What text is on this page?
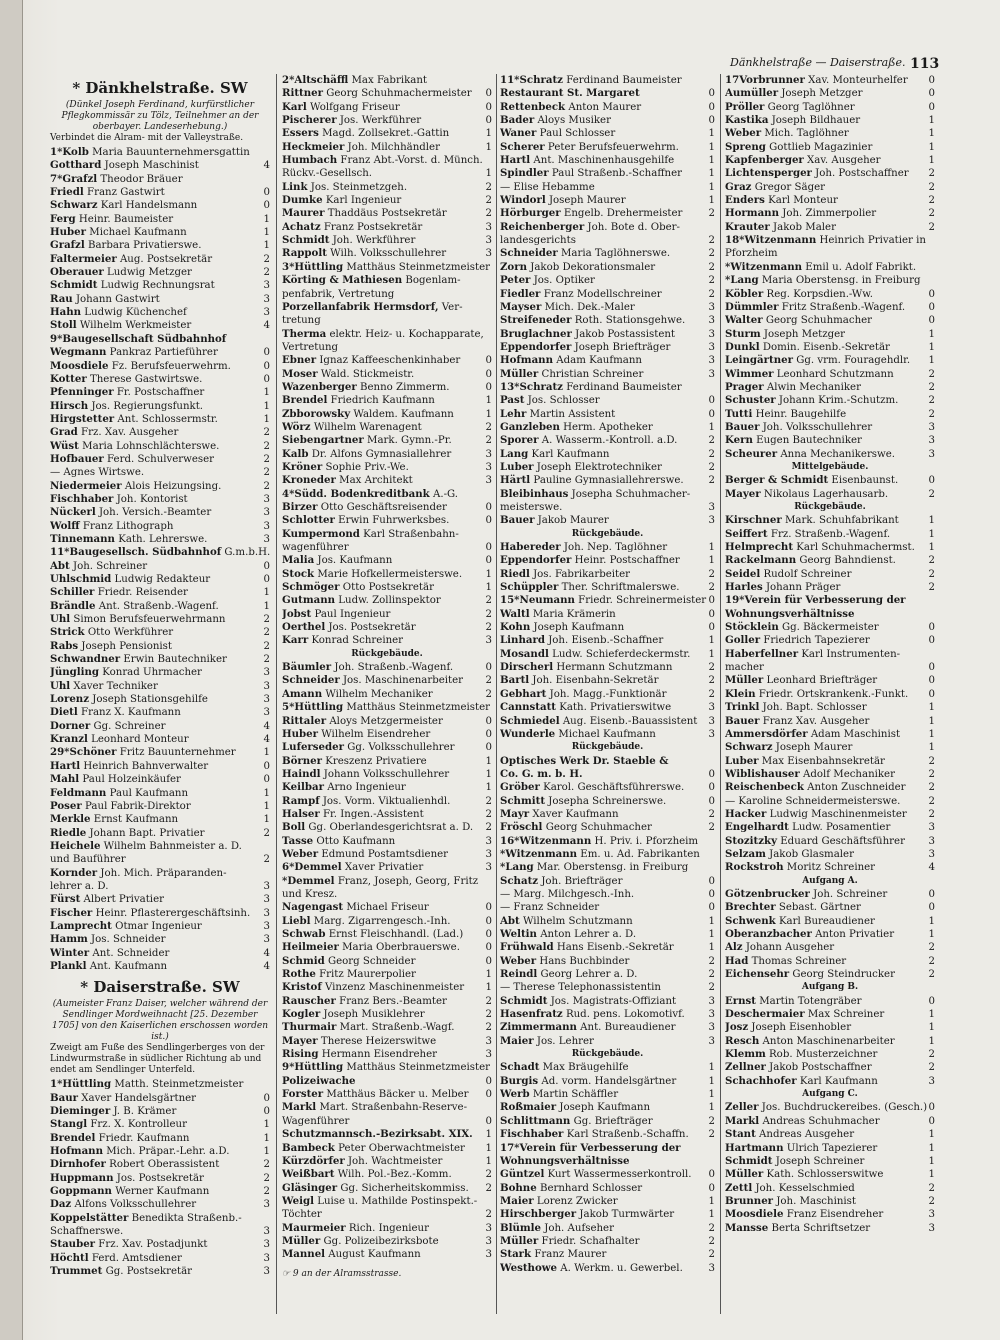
Dänkhelstraße — Daiserstraße. 113
* Dänkhelstraße. SW
(Dünkel Joseph Ferdinand, kurfürstlicher Pflegkommissär zu Tölz, Teilnehmer an der oberbayer. Landeserhebung.)
Verbindet die Alram- mit der Valleystraße.
1*Kolb Maria Bauunternehmersgattin
4
Gotthard Joseph Maschinist
7*Grafzl Theodor Bräuer
0
Friedl Franz Gastwirt
0
Schwarz Karl Handelsmann
1
Ferg Heinr. Baumeister
1
Huber Michael Kaufmann
1
Grafzl Barbara Privatierswe.
2
Faltermeier Aug. Postsekretär
2
Oberauer Ludwig Metzger
3
Schmidt Ludwig Rechnungsrat
3
Rau Johann Gastwirt
3
Hahn Ludwig Küchenchef
4
Stoll Wilhelm Werkmeister
9*Baugesellschaft Südbahnhof
0
Wegmann Pankraz Partieführer
0
Moosdiele Fz. Berufsfeuerwehrm.
0
Kotter Therese Gastwirtswe.
1
Pfenninger Fr. Postschaffner
1
Hirsch Jos. Regierungsfunkt.
1
Hirgstetter Ant. Schlossermstr.
2
Grad Frz. Xav. Ausgeher
2
Wüst Maria Lohnschlächterswe.
2
Hofbauer Ferd. Schulverweser
2
— Agnes Wirtswe.
2
Niedermeier Alois Heizungsing.
3
Fischhaber Joh. Kontorist
3
Nückerl Joh. Versich.-Beamter
3
Wolff Franz Lithograph
3
Tinnemann Kath. Lehrerswe.
11*Baugesellsch. Südbahnhof G.m.b.H.
0
Abt Joh. Schreiner
0
Uhlschmid Ludwig Redakteur
1
Schiller Friedr. Reisender
1
Brändle Ant. Straßenb.-Wagenf.
2
Uhl Simon Berufsfeuerwehrmann
2
Strick Otto Werkführer
2
Rabs Joseph Pensionist
2
Schwandner Erwin Bautechniker
3
Jüngling Konrad Uhrmacher
3
Uhl Xaver Techniker
3
Lorenz Joseph Stationsgehilfe
3
Dietl Franz X. Kaufmann
4
Dorner Gg. Schreiner
4
Kranzl Leonhard Monteur
1
29*Schöner Fritz Bauunternehmer
0
Hartl Heinrich Bahnverwalter
0
Mahl Paul Holzeinkäufer
1
Feldmann Paul Kaufmann
1
Poser Paul Fabrik-Direktor
1
Merkle Ernst Kaufmann
2
Riedle Johann Bapt. Privatier
Heichele Wilhelm Bahnmeister a. D.
2
und Bauführer
Kornder Joh. Mich. Präparanden-
3
lehrer a. D.
3
Fürst Albert Privatier
3
Fischer Heinr. Pflasterergeschäftsinh.
3
Lamprecht Otmar Ingenieur
3
Hamm Jos. Schneider
4
Winter Ant. Schneider
4
Plankl Ant. Kaufmann
* Daiserstraße. SW
(Aumeister Franz Daiser, welcher während der Sendlinger Mordweihnacht [25. Dezember 1705] von den Kaiserlichen erschossen worden ist.)
Zweigt am Fuße des Sendlingerberges von der Lindwurmstraße in südlicher Richtung ab und endet am Sendlinger Unterfeld.
1*Hüttling Matth. Steinmetzmeister
0
Baur Xaver Handelsgärtner
0
Dieminger J. B. Krämer
1
Stangl Frz. X. Kontrolleur
1
Brendel Friedr. Kaufmann
1
Hofmann Mich. Präpar.-Lehr. a.D.
2
Dirnhofer Robert Oberassistent
2
Huppmann Jos. Postsekretär
2
Goppmann Werner Kaufmann
3
Daz Alfons Volksschullehrer
Koppelstätter Benedikta Straßenb.-
3
Schaffnerswe.
3
Stauber Frz. Xav. Postadjunkt
3
Höchtl Ferd. Amtsdiener
3
Trummet Gg. Postsekretär
2*Altschäffl Max Fabrikant
0
Rittner Georg Schuhmachermeister
0
Karl Wolfgang Friseur
0
Pischerer Jos. Werkführer
1
Essers Magd. Zollsekret.-Gattin
1
Heckmeier Joh. Milchhändler
Humbach Franz Abt.-Vorst. d. Münch.
1
Rückv.-Gesellsch.
2
Link Jos. Steinmetzgeh.
2
Dumke Karl Ingenieur
2
Maurer Thaddäus Postsekretär
3
Achatz Franz Postsekretär
3
Schmidt Joh. Werkführer
3
Rappolt Wilh. Volksschullehrer
3*Hüttling Matthäus Steinmetzmeister
Körting & Mathiesen Bogenlam-
penfabrik, Vertretung
Porzellanfabrik Hermsdorf, Ver-
tretung
Therma elektr. Heiz- u. Kochapparate,
Vertretung
0
Ebner Ignaz Kaffeeschenkinhaber
0
Moser Wald. Stickmeistr.
0
Wazenberger Benno Zimmerm.
1
Brendel Friedrich Kaufmann
1
Zbborowsky Waldem. Kaufmann
2
Wörz Wilhelm Warenagent
2
Siebengartner Mark. Gymn.-Pr.
3
Kalb Dr. Alfons Gymnasiallehrer
3
Kröner Sophie Priv.-We.
3
Kroneder Max Architekt
4*Südd. Bodenkreditbank A.-G.
0
Birzer Otto Geschäftsreisender
0
Schlotter Erwin Fuhrwerksbes.
Kumpermond Karl Straßenbahn-
0
wagenführer
0
Malia Jos. Kaufmann
1
Stock Marie Hofkellermeisterswe.
1
Schmöger Otto Postsekretär
2
Gutmann Ludw. Zollinspektor
2
Jobst Paul Ingenieur
2
Oerthel Jos. Postsekretär
3
Karr Konrad Schreiner
Rückgebäude.
0
Bäumler Joh. Straßenb.-Wagenf.
2
Schneider Jos. Maschinenarbeiter
2
Amann Wilhelm Mechaniker
5*Hüttling Matthäus Steinmetzmeister
0
Rittaler Aloys Metzgermeister
0
Huber Wilhelm Eisendreher
0
Luferseder Gg. Volksschullehrer
1
Börner Kreszenz Privatiere
1
Haindl Johann Volksschullehrer
1
Keilbar Arno Ingenieur
2
Rampf Jos. Vorm. Viktualienhdl.
2
Halser Fr. Ingen.-Assistent
2
Boll Gg. Oberlandesgerichtsrat a. D.
3
Tasse Otto Kaufmann
3
Weber Edmund Postamtsdiener
3
6*Demmel Xaver Privatier
*Demmel Franz, Joseph, Georg, Fritz
und Kresz.
0
Nagengast Michael Friseur
0
Liebl Marg. Zigarrengesch.-Inh.
0
Schwab Ernst Fleischhandl. (Lad.)
0
Heilmeier Maria Oberbrauerswe.
0
Schmid Georg Schneider
1
Rothe Fritz Maurerpolier
1
Kristof Vinzenz Maschinenmeister
2
Rauscher Franz Bers.-Beamter
2
Kogler Joseph Musiklehrer
2
Thurmair Mart. Straßenb.-Wagf.
3
Mayer Therese Heizerswitwe
3
Rising Hermann Eisendreher
9*Hüttling Matthäus Steinmetzmeister
0
Polizeiwache
0
Forster Matthäus Bäcker u. Melber
Markl Mart. Straßenbahn-Reserve-
0
Wagenführer
1
Schutzmannsch.-Bezirksabt. XIX.
1
Bambeck Peter Oberwachtmeister
1
Kürzdörfer Joh. Wachtmeister
2
Weißbart Wilh. Pol.-Bez.-Komm.
2
Gläsinger Gg. Sicherheitskommiss.
Weigl Luise u. Mathilde Postinspekt.-
2
Töchter
3
Maurmeier Rich. Ingenieur
3
Müller Gg. Polizeibezirksbote
3
Mannel August Kaufmann
☞ 9 an der Alramsstrasse.
11*Schratz Ferdinand Baumeister
0
Restaurant St. Margaret
0
Rettenbeck Anton Maurer
0
Bader Aloys Musiker
1
Waner Paul Schlosser
1
Scherer Peter Berufsfeuerwehrm.
1
Hartl Ant. Maschinenhausgehilfe
1
Spindler Paul Straßenb.-Schaffner
1
— Elise Hebamme
1
Windorl Joseph Maurer
2
Hörburger Engelb. Drehermeister
Reichenberger Joh. Bote d. Ober-
2
landesgerichts
2
Schneider Maria Taglöhnerswe.
2
Zorn Jakob Dekorationsmaler
2
Peter Jos. Optiker
2
Fiedler Franz Modellschreiner
3
Mayser Mich. Dek.-Maler
3
Streifeneder Roth. Stationsgehwe.
3
Bruglachner Jakob Postassistent
3
Eppendorfer Joseph Briefträger
3
Hofmann Adam Kaufmann
3
Müller Christian Schreiner
13*Schratz Ferdinand Baumeister
0
Past Jos. Schlosser
0
Lehr Martin Assistent
1
Ganzleben Herm. Apotheker
2
Sporer A. Wasserm.-Kontroll. a.D.
2
Lang Karl Kaufmann
2
Luber Joseph Elektrotechniker
2
Härtl Pauline Gymnasiallehrerswe.
Bleibinhaus Josepha Schuhmacher-
3
meisterswe.
3
Bauer Jakob Maurer
Rückgebäude.
1
Habereder Joh. Nep. Taglöhner
1
Eppendorfer Heinr. Postschaffner
2
Riedl Jos. Fabrikarbeiter
2
Schüppler Ther. Schriftmalerswe.
0
15*Neumann Friedr. Schreinermeister
0
Waltl Maria Krämerin
0
Kohn Joseph Kaufmann
1
Linhard Joh. Eisenb.-Schaffner
1
Mosandl Ludw. Schieferdeckermstr.
2
Dirscherl Hermann Schutzmann
2
Bartl Joh. Eisenbahn-Sekretär
2
Gebhart Joh. Magg.-Funktionär
3
Cannstatt Kath. Privatierswitwe
3
Schmiedel Aug. Eisenb.-Bauassistent
3
Wunderle Michael Kaufmann
Rückgebäude.
Optisches Werk Dr. Staeble &
0
Co. G. m. b. H.
0
Gröber Karol. Geschäftsführerswe.
0
Schmitt Josepha Schreinerswe.
2
Mayr Xaver Kaufmann
2
Fröschl Georg Schuhmacher
16*Witzenmann H. Priv. i. Pforzheim
*Witzenmann Em. u. Ad. Fabrikanten
*Lang Mar. Oberstensg. in Freiburg
0
Schatz Joh. Briefträger
0
— Marg. Milchgesch.-Inh.
0
— Franz Schneider
1
Abt Wilhelm Schutzmann
1
Weltin Anton Lehrer a. D.
1
Frühwald Hans Eisenb.-Sekretär
2
Weber Hans Buchbinder
2
Reindl Georg Lehrer a. D.
2
— Therese Telephonassistentin
3
Schmidt Jos. Magistrats-Offiziant
3
Hasenfratz Rud. pens. Lokomotivf.
3
Zimmermann Ant. Bureaudiener
3
Maier Jos. Lehrer
Rückgebäude.
1
Schadt Max Bräugehilfe
1
Burgis Ad. vorm. Handelsgärtner
1
Werb Martin Schäffler
1
Roßmaier Joseph Kaufmann
2
Schlittmann Gg. Briefträger
2
Fischhaber Karl Straßenb.-Schaffn.
17*Verein für Verbesserung der
Wohnungsverhältnisse
0
Güntzel Kurt Wassermesserkontroll.
0
Bohne Bernhard Schlosser
1
Maier Lorenz Zwicker
1
Hirschberger Jakob Turmwärter
2
Blümle Joh. Aufseher
2
Müller Friedr. Schafhalter
2
Stark Franz Maurer
3
Westhowe A. Werkm. u. Gewerbel.
0
17Vorbrunner Xav. Monteurhelfer
0
Aumüller Joseph Metzger
0
Pröller Georg Taglöhner
1
Kastika Joseph Bildhauer
1
Weber Mich. Taglöhner
1
Spreng Gottlieb Magazinier
1
Kapfenberger Xav. Ausgeher
2
Lichtensperger Joh. Postschaffner
2
Graz Gregor Säger
2
Enders Karl Monteur
2
Hormann Joh. Zimmerpolier
2
Krauter Jakob Maler
18*Witzenmann Heinrich Privatier in
Pforzheim
*Witzenmann Emil u. Adolf Fabrikt.
*Lang Maria Oberstensg. in Freiburg
0
Köbler Reg. Korpsdien.-Ww.
0
Dümmler Fritz Straßenb.-Wagenf.
0
Walter Georg Schuhmacher
1
Sturm Joseph Metzger
1
Dunkl Domin. Eisenb.-Sekretär
1
Leingärtner Gg. vrm. Fouragehdlr.
2
Wimmer Leonhard Schutzmann
2
Prager Alwin Mechaniker
2
Schuster Johann Krim.-Schutzm.
2
Tutti Heinr. Baugehilfe
3
Bauer Joh. Volksschullehrer
3
Kern Eugen Bautechniker
3
Scheurer Anna Mechanikerswe.
Mittelgebäude.
0
Berger & Schmidt Eisenbaunst.
2
Mayer Nikolaus Lagerhausarb.
Rückgebäude.
1
Kirschner Mark. Schuhfabrikant
1
Seiffert Frz. Straßenb.-Wagenf.
1
Helmprecht Karl Schuhmachermst.
2
Rackelmann Georg Bahndienst.
2
Seidel Rudolf Schreiner
2
Harles Johann Präger
19*Verein für Verbesserung der
Wohnungsverhältnisse
0
Stöcklein Gg. Bäckermeister
0
Goller Friedrich Tapezierer
Haberfellner Karl Instrumenten-
0
macher
0
Müller Leonhard Briefträger
0
Klein Friedr. Ortskrankenk.-Funkt.
1
Trinkl Joh. Bapt. Schlosser
1
Bauer Franz Xav. Ausgeher
1
Ammersdörfer Adam Maschinist
1
Schwarz Joseph Maurer
2
Luber Max Eisenbahnsekretär
2
Wiblishauser Adolf Mechaniker
2
Reischenbeck Anton Zuschneider
2
— Karoline Schneidermeisterswe.
2
Hacker Ludwig Maschinenmeister
3
Engelhardt Ludw. Posamentier
3
Stozitzky Eduard Geschäftsführer
3
Selzam Jakob Glasmaler
4
Rockstroh Moritz Schreiner
Aufgang A.
0
Götzenbrucker Joh. Schreiner
0
Brechter Sebast. Gärtner
1
Schwenk Karl Bureaudiener
1
Oberanzbacher Anton Privatier
2
Alz Johann Ausgeher
2
Had Thomas Schreiner
2
Eichensehr Georg Steindrucker
Aufgang B.
0
Ernst Martin Totengräber
1
Deschermaier Max Schreiner
1
Josz Joseph Eisenhobler
1
Resch Anton Maschinenarbeiter
2
Klemm Rob. Musterzeichner
2
Zellner Jakob Postschaffner
3
Schachhofer Karl Kaufmann
Aufgang C.
0
Zeller Jos. Buchdruckereibes. (Gesch.)
0
Markl Andreas Schuhmacher
1
Stant Andreas Ausgeher
1
Hartmann Ulrich Tapezierer
1
Schmidt Joseph Schreiner
1
Müller Kath. Schlosserswitwe
2
Zettl Joh. Kesselschmied
2
Brunner Joh. Maschinist
3
Moosdiele Franz Eisendreher
3
Mansse Berta Schriftsetzer
